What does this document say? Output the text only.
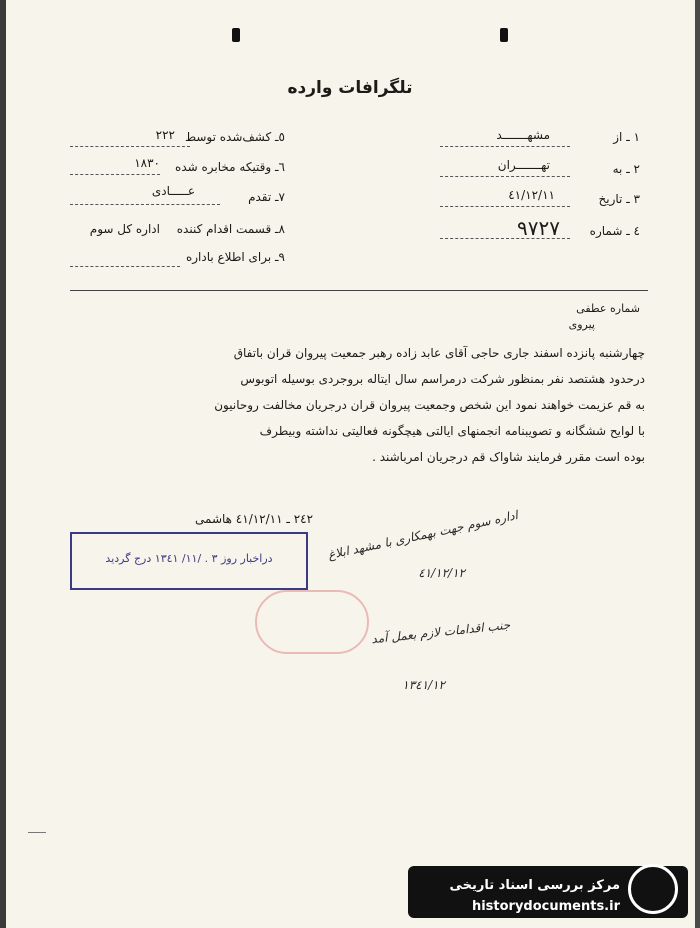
تلگرافات وارده
١ ـ از
مشهـــــــد
٢ ـ به
تهـــــــران
٣ ـ تاریخ
٤١/١٢/١١
٤ ـ شماره
٩٧٢٧
٥ـ کشف‌شده توسط
٢٢٢
٦ـ وقتیکه مخابره شده
١٨٣٠
٧ـ تقدم
عـــــادی
٨ـ قسمت اقدام کننده
اداره کل سوم
٩ـ برای اطلاع باداره
شماره عطفی
پیروی

چهارشنبه پانزده اسفند جاری حاجی آقای عابد زاده رهبر جمعیت پیروان قران باتفاق

درحدود هشتصد نفر بمنظور شرکت درمراسم سال ایتاله بروجردی بوسیله اتوبوس

به قم عزیمت خواهند نمود این شخص وجمعیت پیروان قران درجریان مخالفت روحانیون

با لوایح ششگانه و تصویبنامه انجمنهای ایالتی هیچگونه فعالیتی نداشته وبیطرف

بوده است مقرر فرمایند شاواک قم درجریان امرباشند .

٢٤٢ ـ ٤١/١٢/١١ هاشمی
دراخبار روز ٣ . /١١/ ١٣٤١ درج گردید	اداره سوم جهت بهمکاری با مشهد ابلاغ
٤١/١٢/١٢
جنب اقدامات لازم بعمل آمد
١٣٤١/١٢
مرکز بررسی اسناد تاریخی
historydocuments.ir
